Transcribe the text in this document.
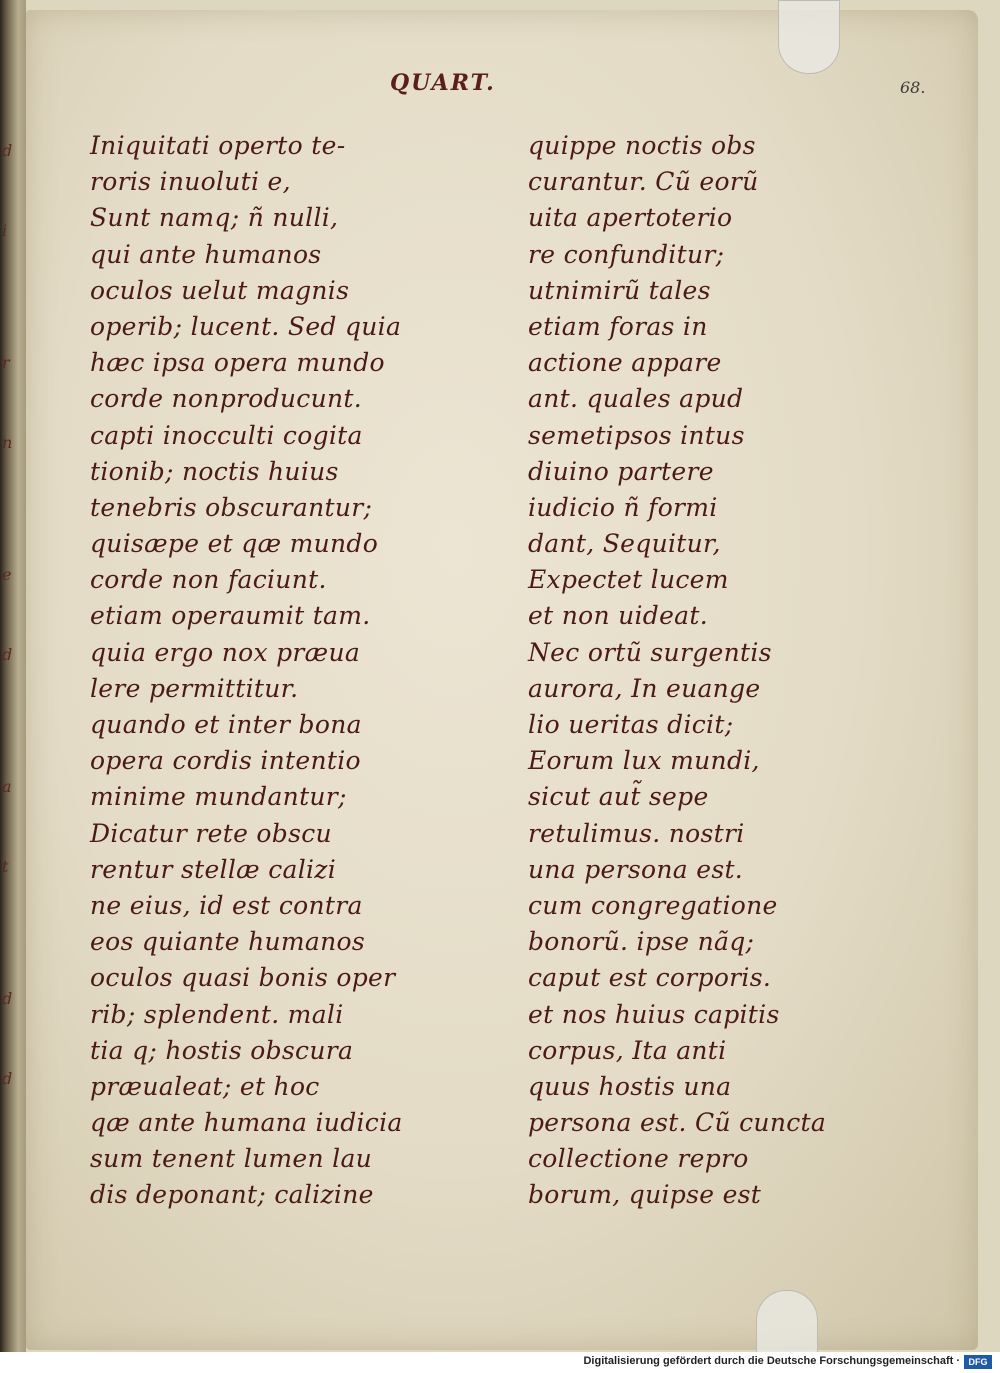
d
i
r
n
e
d
a
t
d
d
QUART.	68.
Iniquitati operto te-
roris inuoluti e,
Sunt namq; ñ nulli,
qui ante humanos
oculos uelut magnis
operib; lucent. Sed quia
hæc ipsa opera mundo
corde nonproducunt.
capti inocculti cogita
tionib; noctis huius
tenebris obscurantur;
quisæpe et qæ mundo
corde non faciunt.
etiam operaumit tam.
quia ergo nox præua
lere permittitur.
quando et inter bona
opera cordis intentio
minime mundantur;
Dicatur rete obscu
rentur stellæ calizi
ne eius, id est contra
eos quiante humanos
oculos quasi bonis oper
rib; splendent. mali
tia q; hostis obscura
præualeat; et hoc
qæ ante humana iudicia
sum tenent lumen lau
dis deponant; calizine
quippe noctis obs
curantur. Cũ eorũ
uita apertoterio
re confunditur;
utnimirũ tales
etiam foras in
actione appare
ant. quales apud
semetipsos intus
diuino partere
iudicio ñ formi
dant, Sequitur,
Expectet lucem
et non uideat.
Nec ortũ surgentis
aurora, In euange
lio ueritas dicit;
Eorum lux mundi,
sicut aut̃ sepe
retulimus. nostri
una persona est.
cum congregatione
bonorũ. ipse nãq;
caput est corporis.
et nos huius capitis
corpus, Ita anti
quus hostis una
persona est. Cũ cuncta
collectione repro
borum, quipse est
Digitalisierung gefördert durch die Deutsche Forschungsgemeinschaft · DFG
